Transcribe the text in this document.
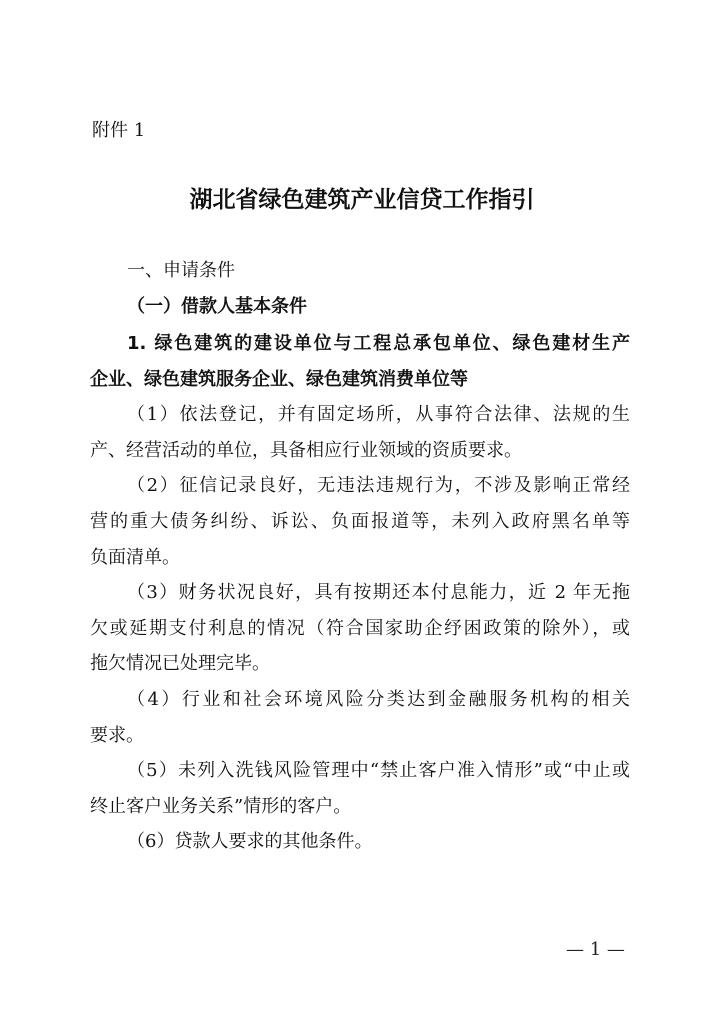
附件 1
湖北省绿色建筑产业信贷工作指引
一、申请条件
（一）借款人基本条件
1. 绿色建筑的建设单位与工程总承包单位、绿色建材生产
企业、绿色建筑服务企业、绿色建筑消费单位等
（1）依法登记，并有固定场所，从事符合法律、法规的生
产、经营活动的单位，具备相应行业领域的资质要求。
（2）征信记录良好，无违法违规行为，不涉及影响正常经
营的重大债务纠纷、诉讼、负面报道等，未列入政府黑名单等
负面清单。
（3）财务状况良好，具有按期还本付息能力，近 2 年无拖
欠或延期支付利息的情况（符合国家助企纾困政策的除外），或
拖欠情况已处理完毕。
（4）行业和社会环境风险分类达到金融服务机构的相关
要求。
（5）未列入洗钱风险管理中“禁止客户准入情形”或“中止或
终止客户业务关系”情形的客户。
（6）贷款人要求的其他条件。
— 1 —
